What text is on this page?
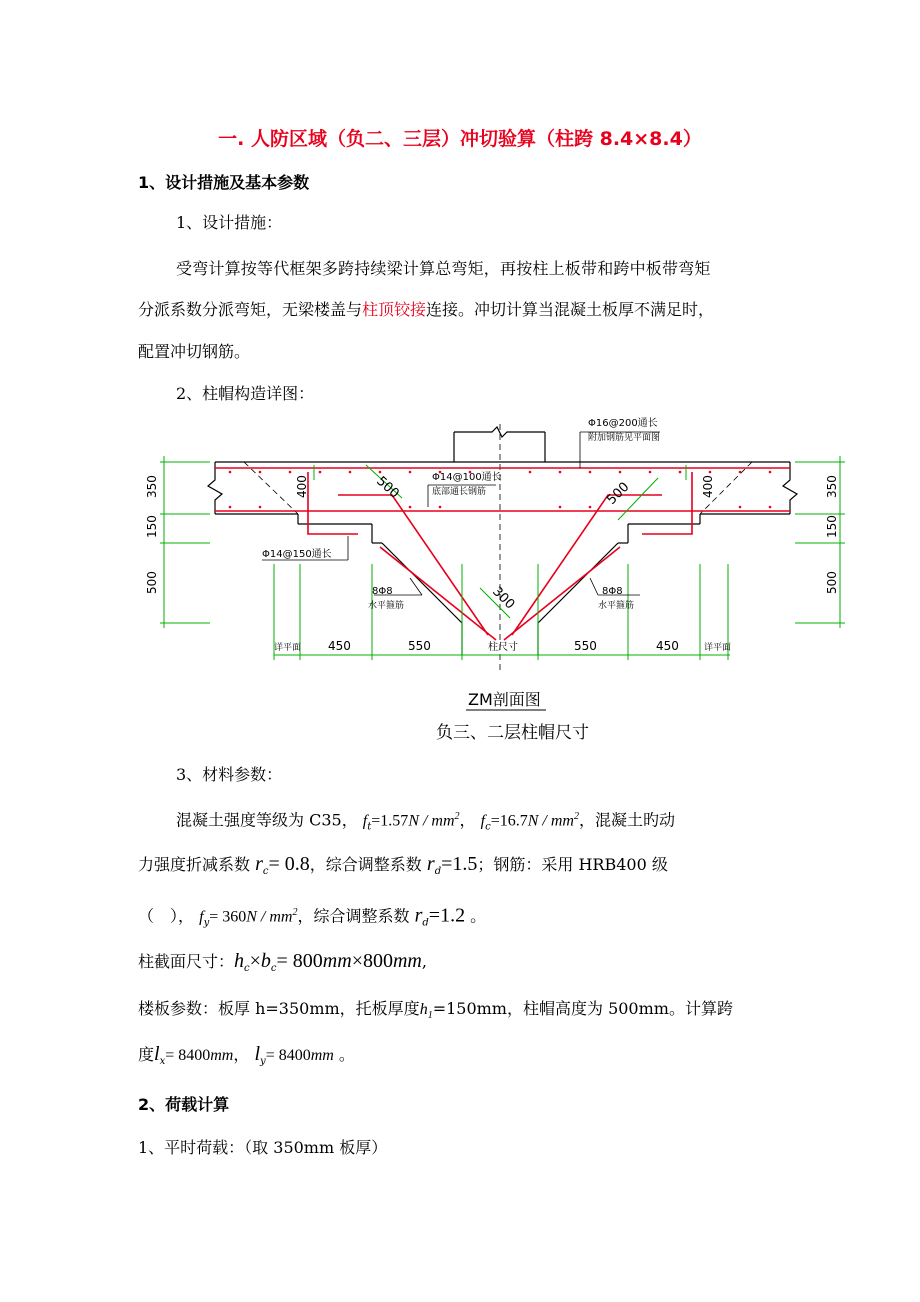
一. 人防区域（负二、三层）冲切验算（柱跨 8.4×8.4）
1、设计措施及基本参数
1、设计措施：
受弯计算按等代框架多跨持续梁计算总弯矩，再按柱上板带和跨中板带弯矩
分派系数分派弯矩，无梁楼盖与柱顶铰接连接。冲切计算当混凝土板厚不满足时，
配置冲切钢筋。
2、柱帽构造详图：
Φ16@200通长
附加钢筋见平面图
Φ14@100通长
底部通长钢筋
Φ14@150通长
8Φ8
水平箍筋
8Φ8
水平箍筋
500	500
300
400	400
350
150
500
350
150
500
详平面 450	550	柱尺寸	550	450	详平面
ZM剖面图
负三、二层柱帽尺寸
3、材料参数：
混凝土强度等级为 C35， $f_t=1.57N / mm^2$， $f_c=16.7N / mm^2$，混凝土旳动
力强度折减系数 $r_c= 0.8$，综合调整系数 $r_d=1.5$；钢筋：采用 HRB400 级
（　）， $f_y= 360N / mm^2$，综合调整系数 $r_d=1.2$ 。
柱截面尺寸：$h_c\times b_c= 800mm\times 800mm$,
楼板参数：板厚 h=350mm，托板厚度$h_1=150mm$，柱帽高度为 500mm。计算跨
度$l_x= 8400mm$， $l_y= 8400mm$ 。
2、荷载计算
1、平时荷载：（取 350mm 板厚）
